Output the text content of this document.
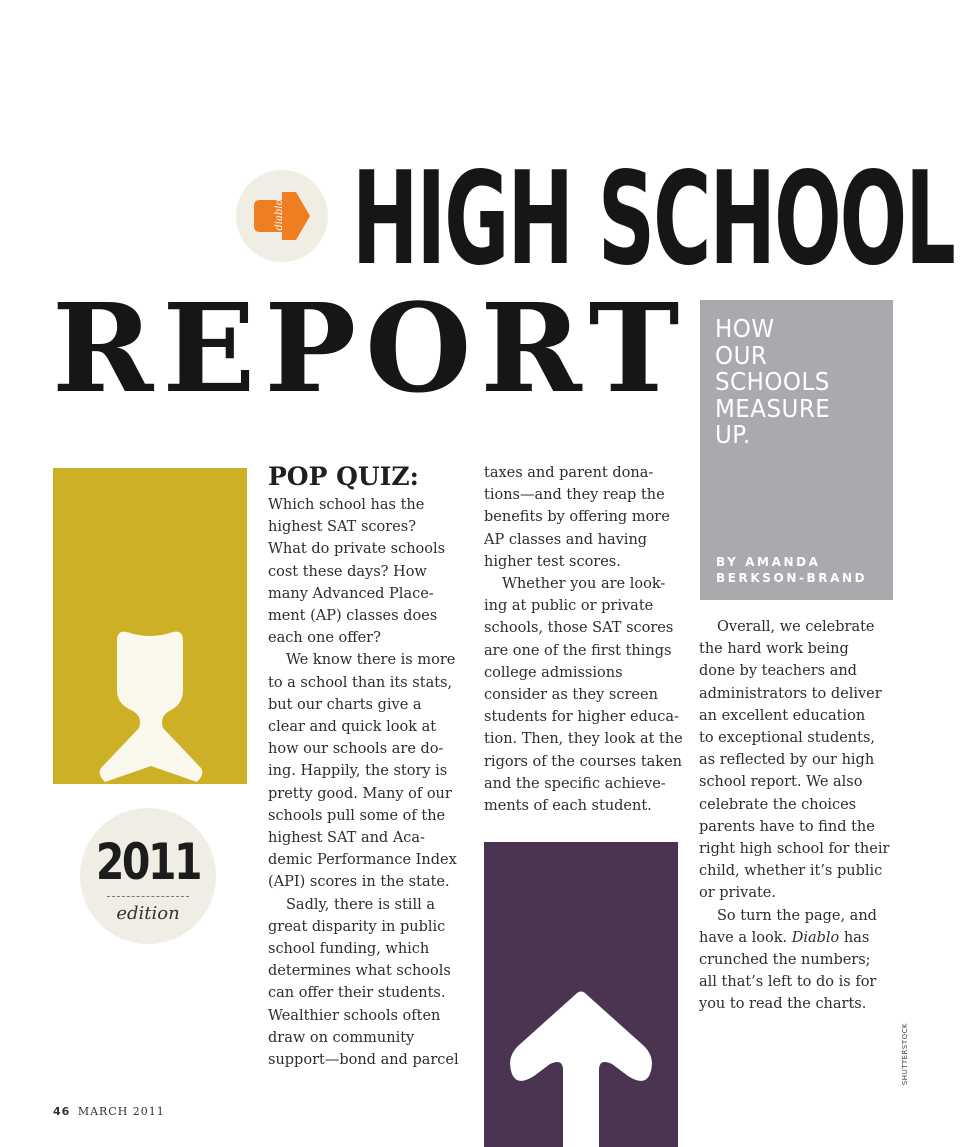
diablo HIGH SCHOOL
REPORT	HOW
OUR
SCHOOLS
MEASURE
UP.
BY AMANDA
BERKSON-BRAND
2011
edition
POP QUIZ:

Which school has the
highest SAT scores?
What do private schools
cost these days? How
many Advanced Place-
ment (AP) classes does
each one offer?

We know there is more
to a school than its stats,
but our charts give a
clear and quick look at
how our schools are do-
ing. Happily, the story is
pretty good. Many of our
schools pull some of the
highest SAT and Aca-
demic Performance Index
(API) scores in the state.

Sadly, there is still a
great disparity in public
school funding, which
determines what schools
can offer their students.
Wealthier schools often
draw on community
support—bond and parcel

taxes and parent dona-
tions—and they reap the
benefits by offering more
AP classes and having
higher test scores.

Whether you are look-
ing at public or private
schools, those SAT scores
are one of the first things
college admissions
consider as they screen
students for higher educa-
tion. Then, they look at the
rigors of the courses taken
and the specific achieve-
ments of each student.

Overall, we celebrate
the hard work being
done by teachers and
administrators to deliver
an excellent education
to exceptional students,
as reflected by our high
school report. We also
celebrate the choices
parents have to find the
right high school for their
child, whether it’s public
or private.

So turn the page, and
have a look. Diablo has
crunched the numbers;
all that’s left to do is for
you to read the charts.

46 MARCH 2011
SHUTTERSTOCK
